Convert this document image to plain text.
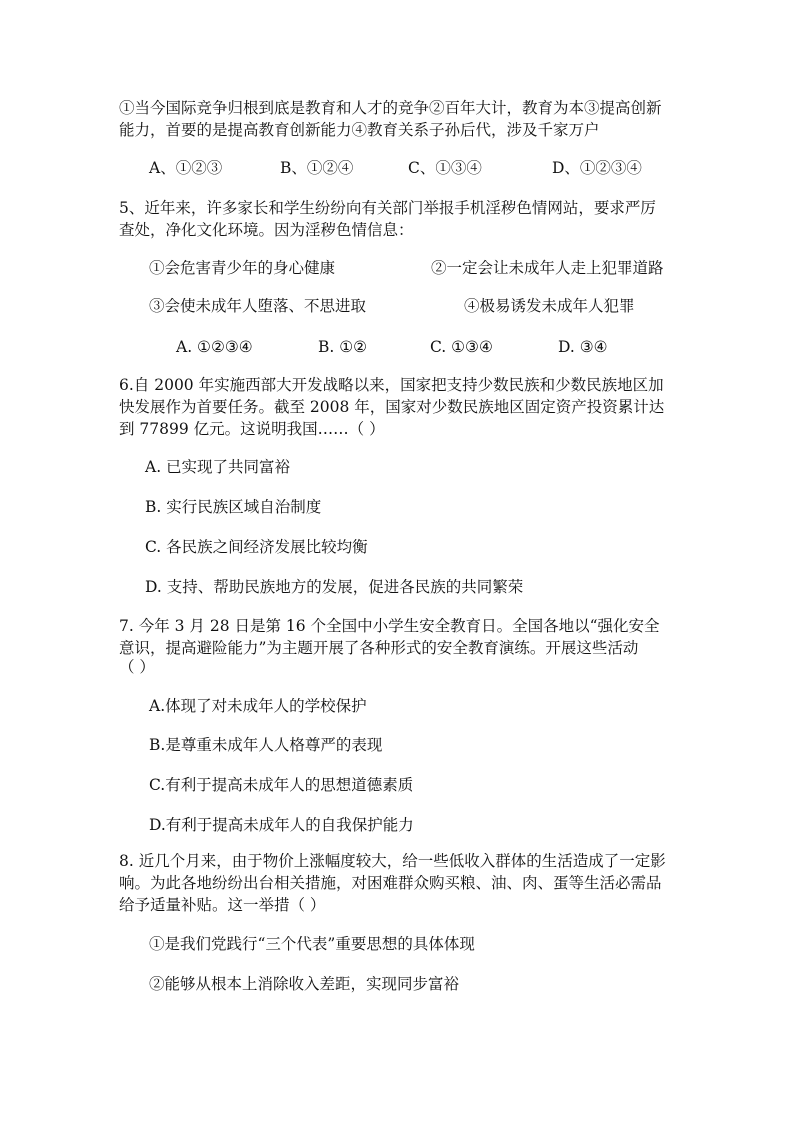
①当今国际竞争归根到底是教育和人才的竞争②百年大计，教育为本③提高创新
能力，首要的是提高教育创新能力④教育关系子孙后代，涉及千家万户
A、①②③	B、①②④	C、①③④	D、①②③④
5、近年来，许多家长和学生纷纷向有关部门举报手机淫秽色情网站，要求严厉
查处，净化文化环境。因为淫秽色情信息：
①会危害青少年的身心健康	②一定会让未成年人走上犯罪道路
③会使未成年人堕落、不思进取	④极易诱发未成年人犯罪
A. ①②③④	B. ①②	C. ①③④	D. ③④
6.自 2000 年实施西部大开发战略以来，国家把支持少数民族和少数民族地区加
快发展作为首要任务。截至 2008 年，国家对少数民族地区固定资产投资累计达
到 77899 亿元。这说明我国……（ ）
A. 已实现了共同富裕
B. 实行民族区域自治制度
C. 各民族之间经济发展比较均衡
D. 支持、帮助民族地方的发展，促进各民族的共同繁荣
7. 今年 3 月 28 日是第 16 个全国中小学生安全教育日。全国各地以“强化安全
意识，提高避险能力”为主题开展了各种形式的安全教育演练。开展这些活动
（ ）
A.体现了对未成年人的学校保护
B.是尊重未成年人人格尊严的表现
C.有利于提高未成年人的思想道德素质
D.有利于提高未成年人的自我保护能力
8. 近几个月来，由于物价上涨幅度较大，给一些低收入群体的生活造成了一定影
响。为此各地纷纷出台相关措施，对困难群众购买粮、油、肉、蛋等生活必需品
给予适量补贴。这一举措（ ）
①是我们党践行“三个代表”重要思想的具体体现
②能够从根本上消除收入差距，实现同步富裕
